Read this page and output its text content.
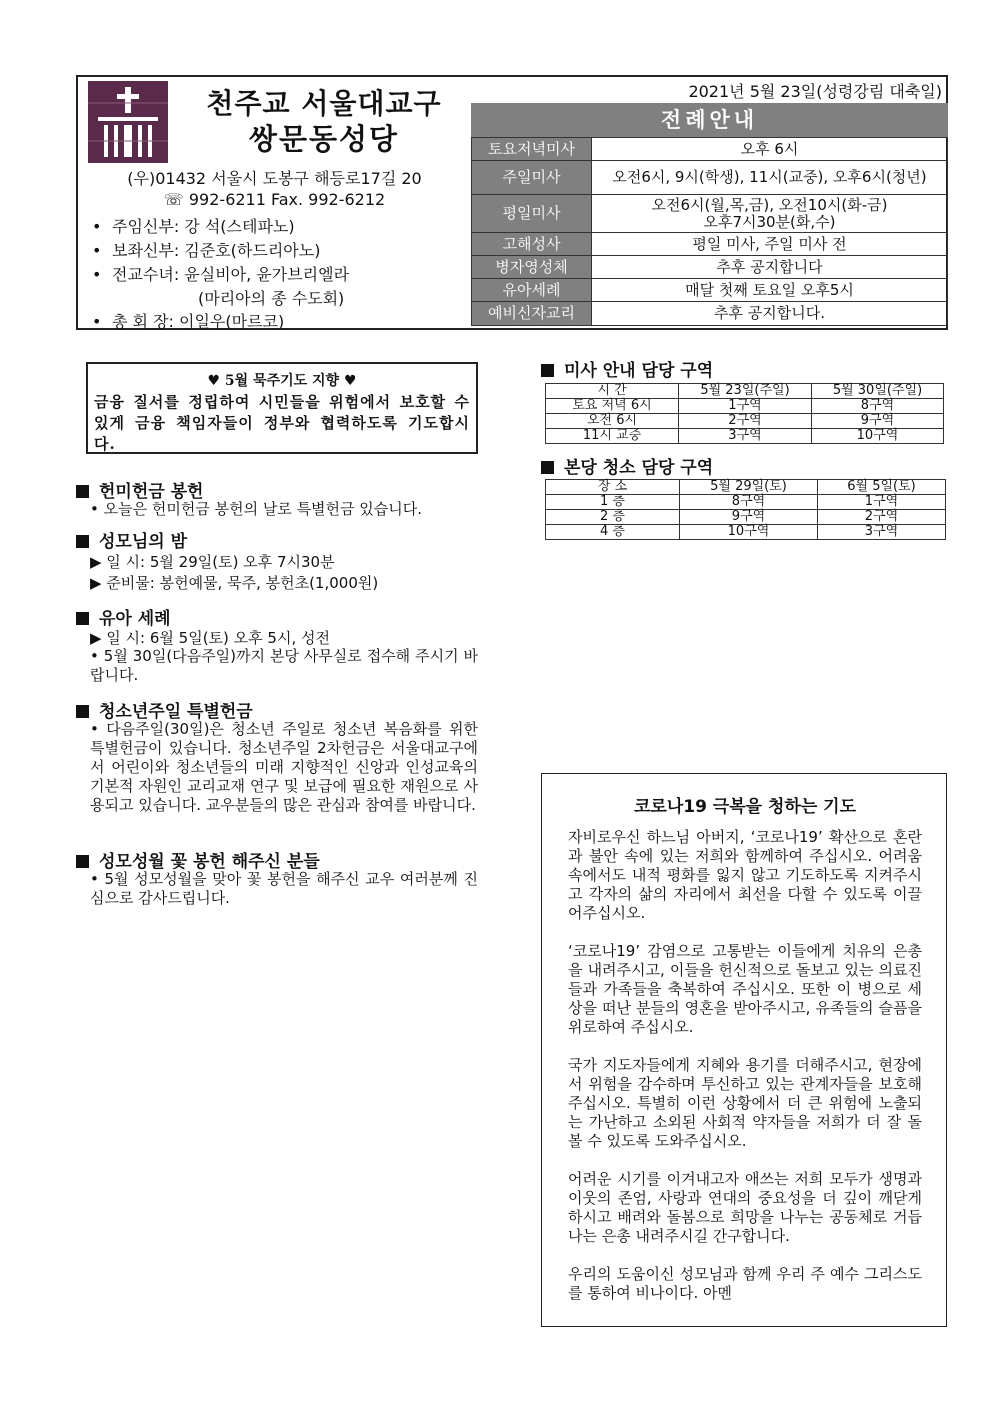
천주교 서울대교구
쌍문동성당
(우)01432 서울시 도봉구 해등로17길 20
☏ 992-6211 Fax. 992-6212
• 주임신부: 강 석(스테파노)
• 보좌신부: 김준호(하드리아노)
• 전교수녀: 윤실비아, 윤가브리엘라
(마리아의 종 수도회)
• 총 회 장: 이일우(마르코)
2021년 5월 23일(성령강림 대축일)
전례안내
토요저녁미사	오후 6시
주일미사	오전6시, 9시(학생), 11시(교중), 오후6시(청년)
평일미사	오전6시(월,목,금), 오전10시(화-금)
오후7시30분(화,수)

고해성사	평일 미사, 주일 미사 전
병자영성체	추후 공지합니다
유아세례	매달 첫째 토요일 오후5시
예비신자교리	추후 공지합니다.
♥ 5월 묵주기도 지향 ♥
금융 질서를 정립하여 시민들을 위험에서 보호할 수 있게 금융 책임자들이 정부와 협력하도록 기도합시다.
헌미헌금 봉헌
• 오늘은 헌미헌금 봉헌의 날로 특별헌금 있습니다.
성모님의 밤
▶ 일 시: 5월 29일(토) 오후 7시30분
▶ 준비물: 봉헌예물, 묵주, 봉헌초(1,000원)
유아 세례
▶ 일 시: 6월 5일(토) 오후 5시, 성전
• 5월 30일(다음주일)까지 본당 사무실로 접수해 주시기 바랍니다.
청소년주일 특별헌금
• 다음주일(30일)은 청소년 주일로 청소년 복음화를 위한 특별헌금이 있습니다. 청소년주일 2차헌금은 서울대교구에서 어린이와 청소년들의 미래 지향적인 신앙과 인성교육의 기본적 자원인 교리교재 연구 및 보급에 필요한 재원으로 사용되고 있습니다. 교우분들의 많은 관심과 참여를 바랍니다.
성모성월 꽃 봉헌 해주신 분들
• 5월 성모성월을 맞아 꽃 봉헌을 해주신 교우 여러분께 진심으로 감사드립니다.
미사 안내 담당 구역
시 간	5월 23일(주일)	5월 30일(주일)
토요 저녁 6시	1구역	8구역
오전 6시	2구역	9구역
11시 교중	3구역	10구역
본당 청소 담당 구역
장 소	5월 29일(토)	6월 5일(토)
1 층	8구역	1구역
2 층	9구역	2구역
4 층	10구역	3구역
코로나19 극복을 청하는 기도

자비로우신 하느님 아버지, ‘코로나19’ 확산으로 혼란과 불안 속에 있는 저희와 함께하여 주십시오. 어려움 속에서도 내적 평화를 잃지 않고 기도하도록 지켜주시고 각자의 삶의 자리에서 최선을 다할 수 있도록 이끌어주십시오.

‘코로나19’ 감염으로 고통받는 이들에게 치유의 은총을 내려주시고, 이들을 헌신적으로 돌보고 있는 의료진들과 가족들을 축복하여 주십시오. 또한 이 병으로 세상을 떠난 분들의 영혼을 받아주시고, 유족들의 슬픔을 위로하여 주십시오.

국가 지도자들에게 지혜와 용기를 더해주시고, 현장에서 위험을 감수하며 투신하고 있는 관계자들을 보호해주십시오. 특별히 이런 상황에서 더 큰 위험에 노출되는 가난하고 소외된 사회적 약자들을 저희가 더 잘 돌볼 수 있도록 도와주십시오.

어려운 시기를 이겨내고자 애쓰는 저희 모두가 생명과 이웃의 존엄, 사랑과 연대의 중요성을 더 깊이 깨닫게 하시고 배려와 돌봄으로 희망을 나누는 공동체로 거듭나는 은총 내려주시길 간구합니다.

우리의 도움이신 성모님과 함께 우리 주 예수 그리스도를 통하여 비나이다. 아멘
